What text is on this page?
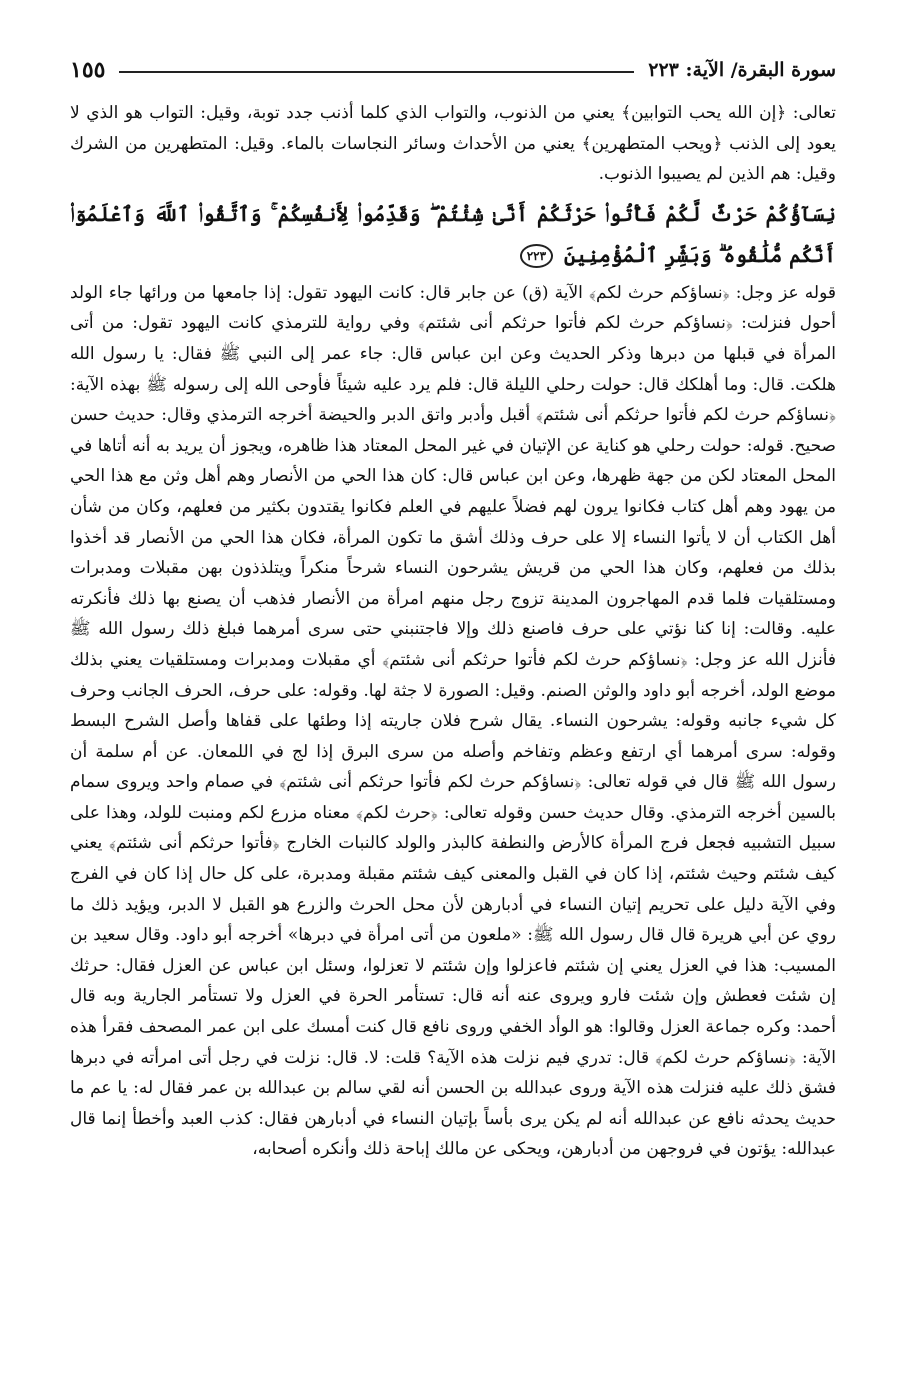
سورة البقرة/ الآية: ٢٢٣
١٥٥

تعالى: ﴿إن الله يحب التوابين﴾ يعني من الذنوب، والتواب الذي كلما أذنب جدد توبة، وقيل: التواب هو الذي لا يعود إلى الذنب ﴿ويحب المتطهرين﴾ يعني من الأحداث وسائر النجاسات بالماء. وقيل: المتطهرين من الشرك وقيل: هم الذين لم يصيبوا الذنوب.

نِسَآؤُكُمْ حَرْثٌ لَّكُمْ فَأْتُوا۟ حَرْثَكُمْ أَنَّىٰ شِئْتُمْ ۖ وَقَدِّمُوا۟ لِأَنفُسِكُمْ ۚ وَٱتَّقُوا۟ ٱللَّهَ وَٱعْلَمُوٓا۟ أَنَّكُم مُّلَٰقُوهُ ۗ وَبَشِّرِ ٱلْمُؤْمِنِينَ ٢٢٣

قوله عز وجل: ﴿نساؤكم حرث لكم﴾ الآية (ق) عن جابر قال: كانت اليهود تقول: إذا جامعها من ورائها جاء الولد أحول فنزلت: ﴿نساؤكم حرث لكم فأتوا حرثكم أنى شئتم﴾ وفي رواية للترمذي كانت اليهود تقول: من أتى المرأة في قبلها من دبرها وذكر الحديث وعن ابن عباس قال: جاء عمر إلى النبي ﷺ فقال: يا رسول الله هلكت. قال: وما أهلكك قال: حولت رحلي الليلة قال: فلم يرد عليه شيئاً فأوحى الله إلى رسوله ﷺ بهذه الآية: ﴿نساؤكم حرث لكم فأتوا حرثكم أنى شئتم﴾ أقبل وأدبر واتق الدبر والحيضة أخرجه الترمذي وقال: حديث حسن صحيح. قوله: حولت رحلي هو كناية عن الإتيان في غير المحل المعتاد هذا ظاهره، ويجوز أن يريد به أنه أتاها في المحل المعتاد لكن من جهة ظهرها، وعن ابن عباس قال: كان هذا الحي من الأنصار وهم أهل وثن مع هذا الحي من يهود وهم أهل كتاب فكانوا يرون لهم فضلاً عليهم في العلم فكانوا يقتدون بكثير من فعلهم، وكان من شأن أهل الكتاب أن لا يأتوا النساء إلا على حرف وذلك أشق ما تكون المرأة، فكان هذا الحي من الأنصار قد أخذوا بذلك من فعلهم، وكان هذا الحي من قريش يشرحون النساء شرحاً منكراً ويتلذذون بهن مقبلات ومدبرات ومستلقيات فلما قدم المهاجرون المدينة تزوج رجل منهم امرأة من الأنصار فذهب أن يصنع بها ذلك فأنكرته عليه. وقالت: إنا كنا نؤتي على حرف فاصنع ذلك وإلا فاجتنبني حتى سرى أمرهما فبلغ ذلك رسول الله ﷺ فأنزل الله عز وجل: ﴿نساؤكم حرث لكم فأتوا حرثكم أنى شئتم﴾ أي مقبلات ومدبرات ومستلقيات يعني بذلك موضع الولد، أخرجه أبو داود والوثن الصنم. وقيل: الصورة لا جثة لها. وقوله: على حرف، الحرف الجانب وحرف كل شيء جانبه وقوله: يشرحون النساء. يقال شرح فلان جاريته إذا وطئها على قفاها وأصل الشرح البسط وقوله: سرى أمرهما أي ارتفع وعظم وتفاخم وأصله من سرى البرق إذا لج في اللمعان. عن أم سلمة أن رسول الله ﷺ قال في قوله تعالى: ﴿نساؤكم حرث لكم فأتوا حرثكم أنى شئتم﴾ في صمام واحد ويروى سمام بالسين أخرجه الترمذي. وقال حديث حسن وقوله تعالى: ﴿حرث لكم﴾ معناه مزرع لكم ومنبت للولد، وهذا على سبيل التشبيه فجعل فرج المرأة كالأرض والنطفة كالبذر والولد كالنبات الخارج ﴿فأتوا حرثكم أنى شئتم﴾ يعني كيف شئتم وحيث شئتم، إذا كان في القبل والمعنى كيف شئتم مقبلة ومدبرة، على كل حال إذا كان في الفرج وفي الآية دليل على تحريم إتيان النساء في أدبارهن لأن محل الحرث والزرع هو القبل لا الدبر، ويؤيد ذلك ما روي عن أبي هريرة قال قال رسول الله ﷺ: «ملعون من أتى امرأة في دبرها» أخرجه أبو داود. وقال سعيد بن المسيب: هذا في العزل يعني إن شئتم فاعزلوا وإن شئتم لا تعزلوا، وسئل ابن عباس عن العزل فقال: حرثك إن شئت فعطش وإن شئت فارو ويروى عنه أنه قال: تستأمر الحرة في العزل ولا تستأمر الجارية وبه قال أحمد: وكره جماعة العزل وقالوا: هو الوأد الخفي وروى نافع قال كنت أمسك على ابن عمر المصحف فقرأ هذه الآية: ﴿نساؤكم حرث لكم﴾ قال: تدري فيم نزلت هذه الآية؟ قلت: لا. قال: نزلت في رجل أتى امرأته في دبرها فشق ذلك عليه فنزلت هذه الآية وروى عبدالله بن الحسن أنه لقي سالم بن عبدالله بن عمر فقال له: يا عم ما حديث يحدثه نافع عن عبدالله أنه لم يكن يرى بأساً بإتيان النساء في أدبارهن فقال: كذب العبد وأخطأ إنما قال عبدالله: يؤتون في فروجهن من أدبارهن، ويحكى عن مالك إباحة ذلك وأنكره أصحابه،
